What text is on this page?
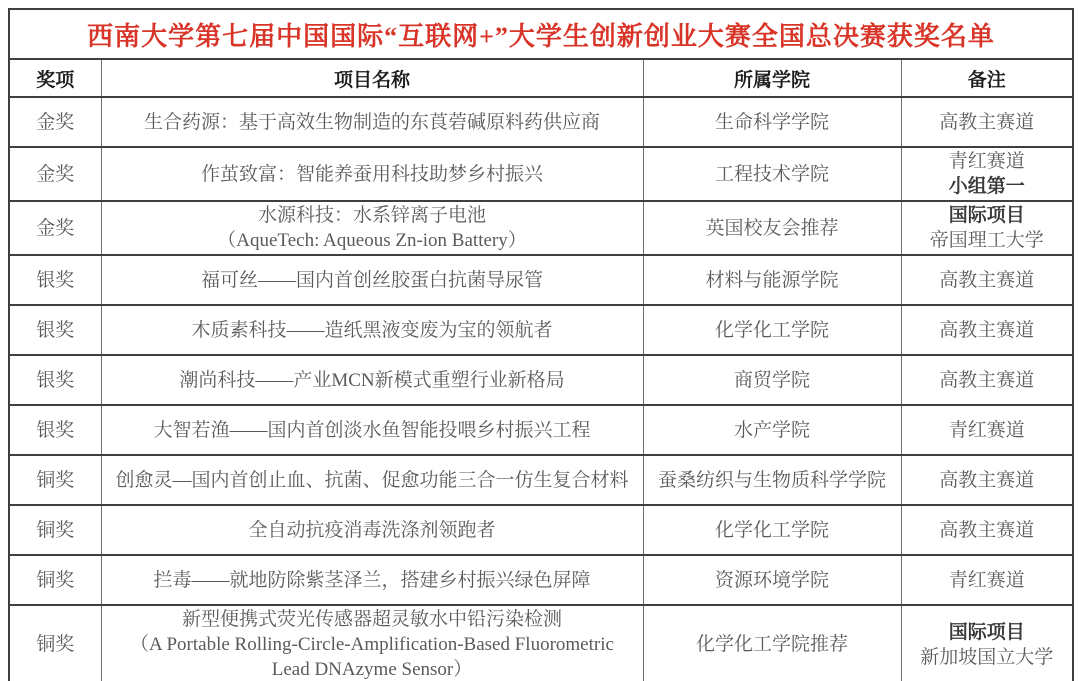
西南大学第七届中国国际“互联网+”大学生创新创业大赛全国总决赛获奖名单			
奖项	项目名称	所属学院	备注
金奖	生合药源：基于高效生物制造的东莨菪碱原料药供应商	生命科学学院	高教主赛道

金奖	作茧致富：智能养蚕用科技助梦乡村振兴	工程技术学院	青红赛道
小组第一

金奖	水源科技：水系锌离子电池
（AqueTech: Aqueous Zn-ion Battery）	英国校友会推荐	国际项目
帝国理工大学

银奖	福可丝——国内首创丝胶蛋白抗菌导尿管	材料与能源学院	高教主赛道

银奖	木质素科技——造纸黑液变废为宝的领航者	化学化工学院	高教主赛道

银奖	潮尚科技——产业MCN新模式重塑行业新格局	商贸学院	高教主赛道

银奖	大智若渔——国内首创淡水鱼智能投喂乡村振兴工程	水产学院	青红赛道

铜奖	创愈灵—国内首创止血、抗菌、促愈功能三合一仿生复合材料	蚕桑纺织与生物质科学学院	高教主赛道

铜奖	全自动抗疫消毒洗涤剂领跑者	化学化工学院	高教主赛道

铜奖	拦毒——就地防除紫茎泽兰，搭建乡村振兴绿色屏障	资源环境学院	青红赛道

铜奖	新型便携式荧光传感器超灵敏水中铅污染检测
（A Portable Rolling-Circle-Amplification-Based Fluorometric
Lead DNAzyme Sensor）	化学化工学院推荐	国际项目
新加坡国立大学
